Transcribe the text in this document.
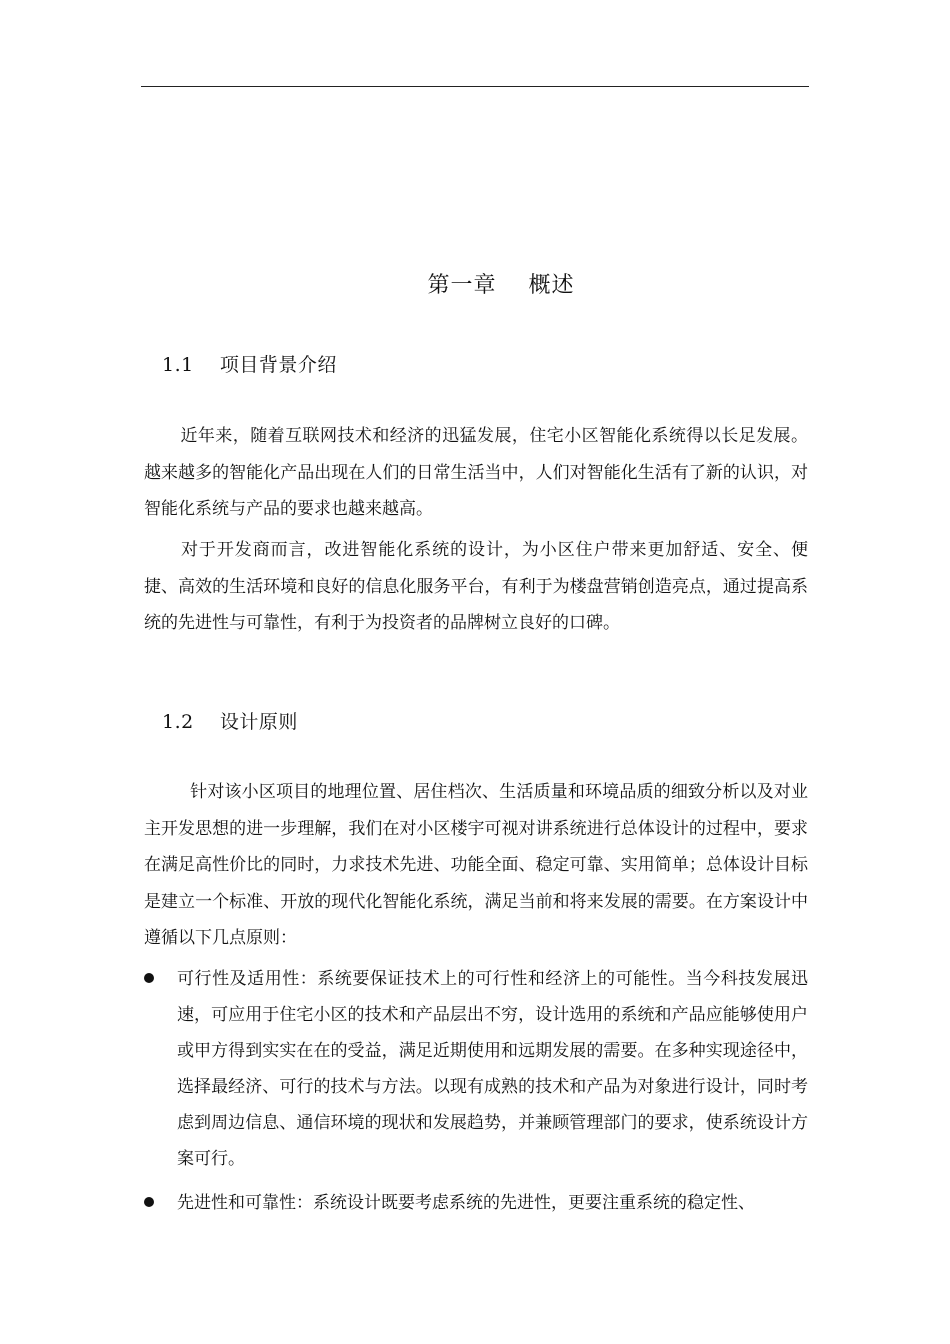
第一章    概述
1.1    项目背景介绍

近年来，随着互联网技术和经济的迅猛发展，住宅小区智能化系统得以长足发展。越来越多的智能化产品出现在人们的日常生活当中，人们对智能化生活有了新的认识，对智能化系统与产品的要求也越来越高。

对于开发商而言，改进智能化系统的设计，为小区住户带来更加舒适、安全、便捷、高效的生活环境和良好的信息化服务平台，有利于为楼盘营销创造亮点，通过提高系统的先进性与可靠性，有利于为投资者的品牌树立良好的口碑。

1.2    设计原则

针对该小区项目的地理位置、居住档次、生活质量和环境品质的细致分析以及对业主开发思想的进一步理解，我们在对小区楼宇可视对讲系统进行总体设计的过程中，要求在满足高性价比的同时，力求技术先进、功能全面、稳定可靠、实用简单；总体设计目标是建立一个标准、开放的现代化智能化系统，满足当前和将来发展的需要。在方案设计中遵循以下几点原则：

可行性及适用性：系统要保证技术上的可行性和经济上的可能性。当今科技发展迅速，可应用于住宅小区的技术和产品层出不穷，设计选用的系统和产品应能够使用户或甲方得到实实在在的受益，满足近期使用和远期发展的需要。在多种实现途径中，选择最经济、可行的技术与方法。以现有成熟的技术和产品为对象进行设计，同时考虑到周边信息、通信环境的现状和发展趋势，并兼顾管理部门的要求，使系统设计方案可行。
先进性和可靠性：系统设计既要考虑系统的先进性，更要注重系统的稳定性、
